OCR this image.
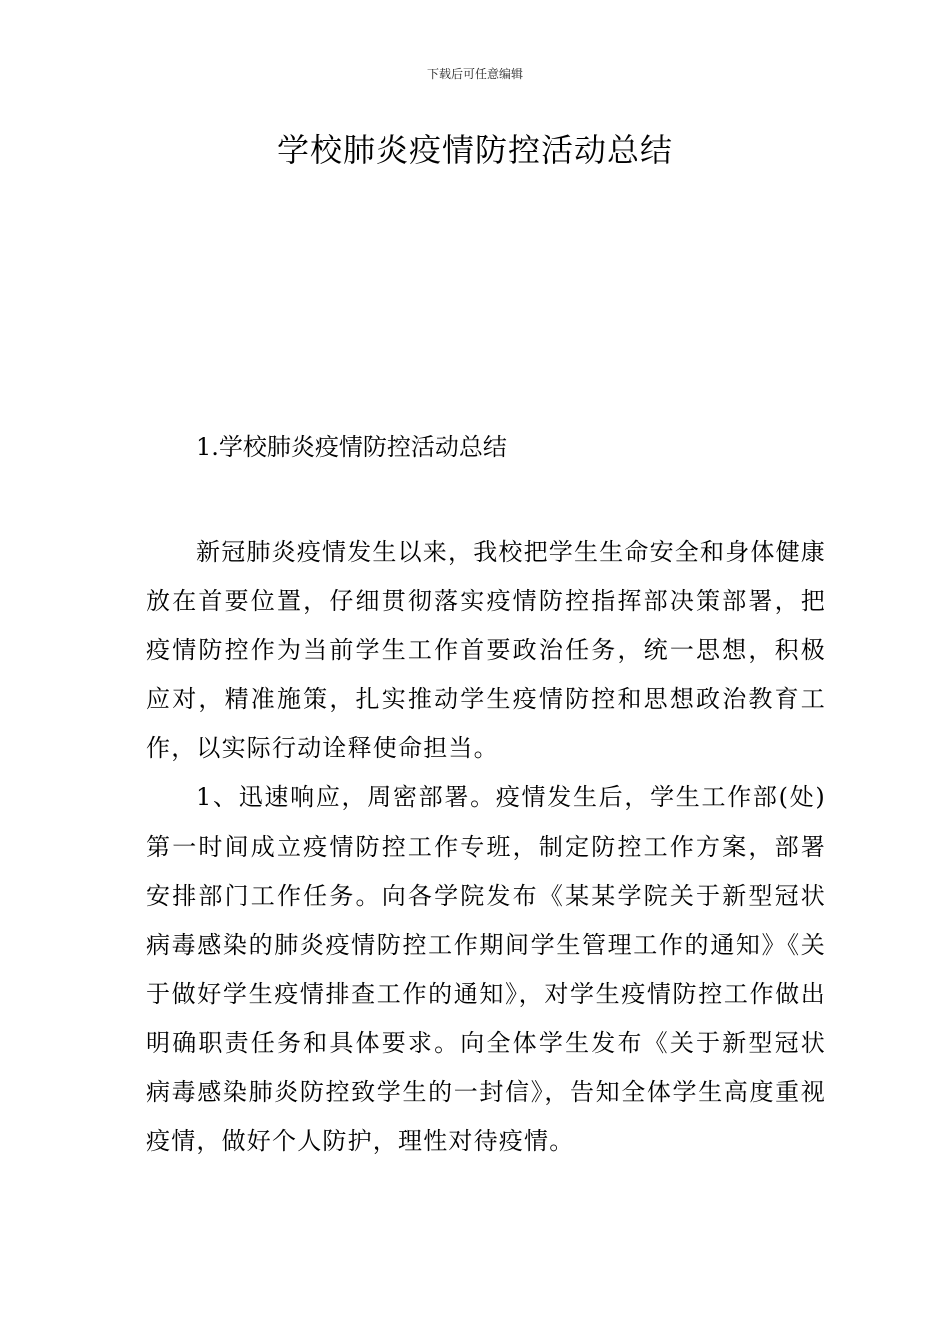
下载后可任意编辑
学校肺炎疫情防控活动总结
1.学校肺炎疫情防控活动总结

新冠肺炎疫情发生以来，我校把学生生命安全和身体健康放在首要位置，仔细贯彻落实疫情防控指挥部决策部署，把疫情防控作为当前学生工作首要政治任务，统一思想，积极应对，精准施策，扎实推动学生疫情防控和思想政治教育工作，以实际行动诠释使命担当。

1、迅速响应，周密部署。疫情发生后，学生工作部(处)第一时间成立疫情防控工作专班，制定防控工作方案，部署安排部门工作任务。向各学院发布《某某学院关于新型冠状病毒感染的肺炎疫情防控工作期间学生管理工作的通知》《关于做好学生疫情排查工作的通知》，对学生疫情防控工作做出明确职责任务和具体要求。向全体学生发布《关于新型冠状病毒感染肺炎防控致学生的一封信》，告知全体学生高度重视疫情，做好个人防护，理性对待疫情。
